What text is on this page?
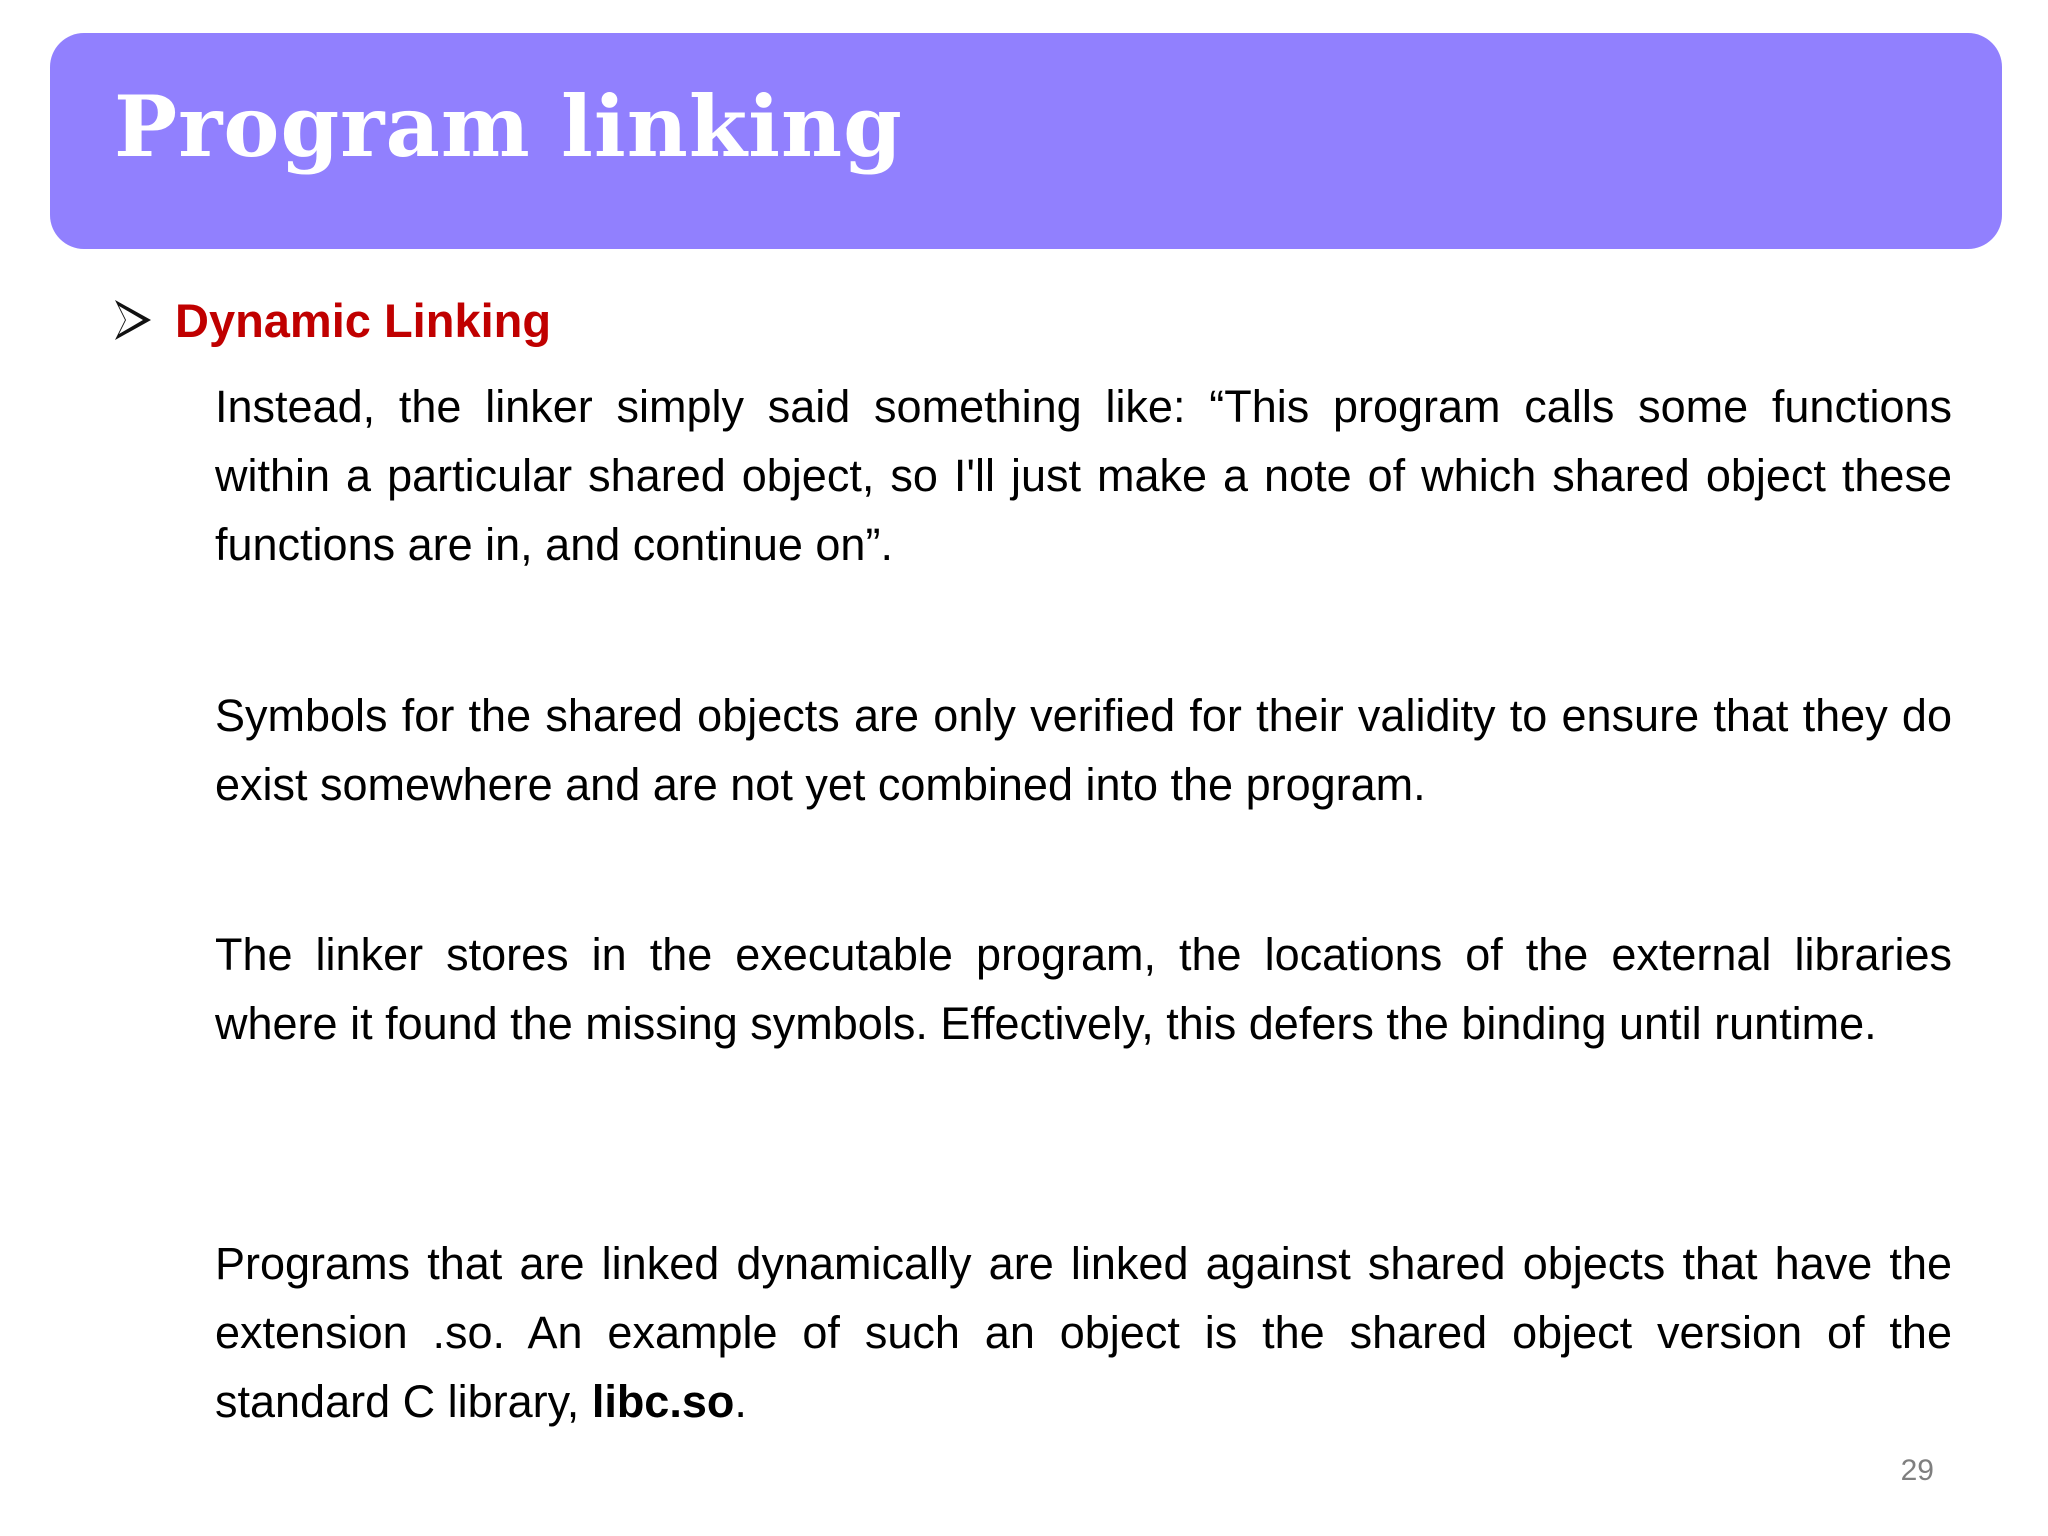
Program linking
Dynamic Linking

Instead, the linker simply said something like: “This program calls some functions within a particular shared object, so I'll just make a note of which shared object these functions are in, and continue on”.

Symbols for the shared objects are only verified for their validity to ensure that they do exist somewhere and are not yet combined into the program.

The linker stores in the executable program, the locations of the external libraries where it found the missing symbols. Effectively, this defers the binding until runtime.

Programs that are linked dynamically are linked against shared objects that have the extension .so. An example of such an object is the shared object version of the standard C library, libc.so.

29
